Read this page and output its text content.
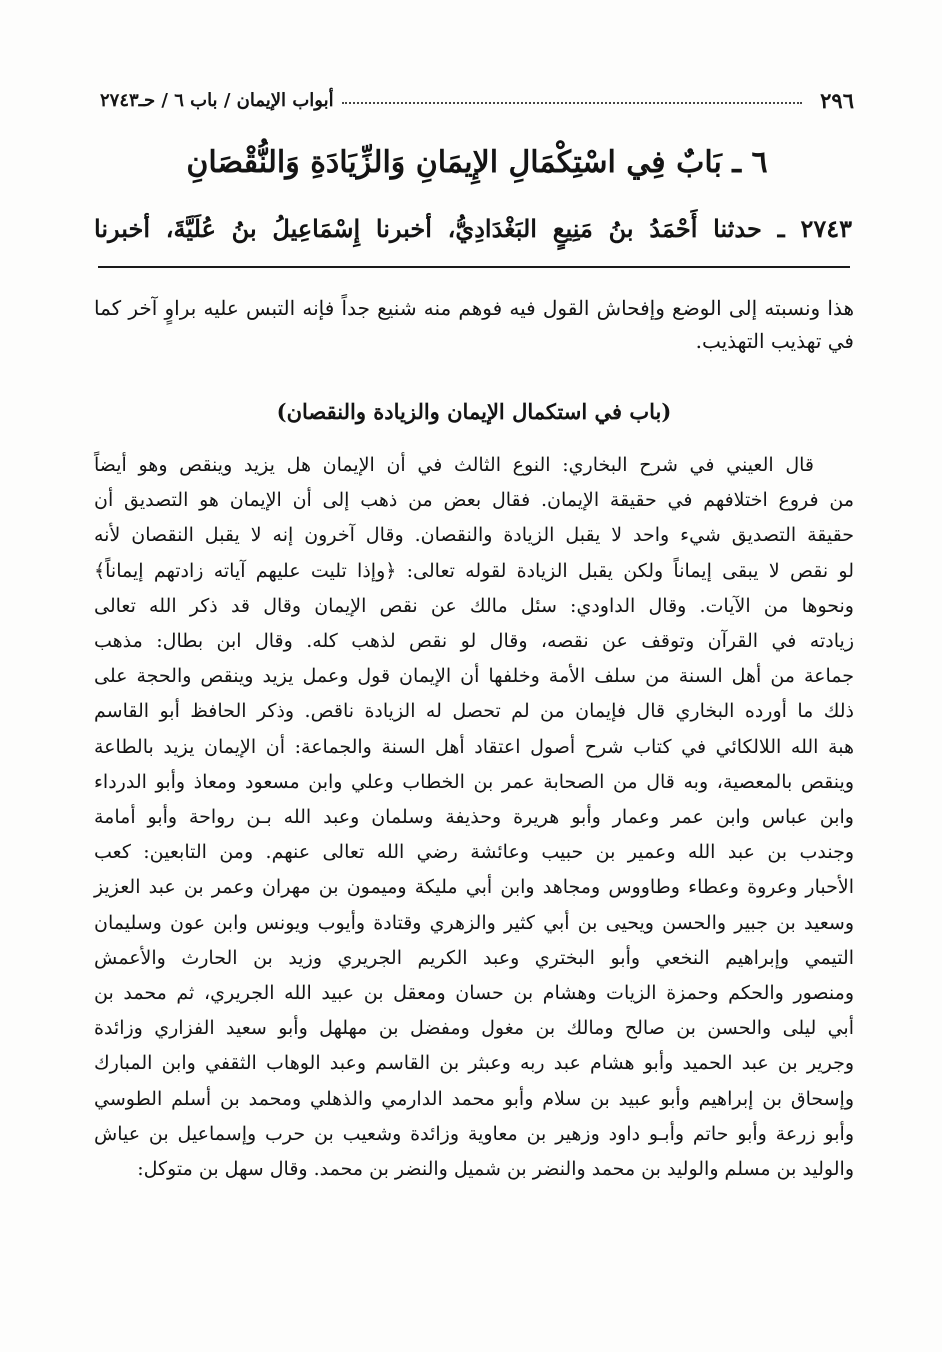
٢٩٦
أبواب الإيمان / باب ٦ / حـ٢٧٤٣
٦ ـ بَابٌ فِي اسْتِكْمَالِ الإِيمَانِ وَالزِّيَادَةِ وَالنُّقْصَانِ
٢٧٤٣ ـ حدثنا أَحْمَدُ بنُ مَنِيعٍ البَغْدَادِيُّ، أخبرنا إِسْمَاعِيلُ بنُ عُلَيَّةَ، أخبرنا
هذا ونسبته إلى الوضع وإفحاش القول فيه فوهم منه شنيع جداً فإنه التبس عليه براوٍ آخر كما
في تهذيب التهذيب.
(باب في استكمال الإيمان والزيادة والنقصان)
قال العيني في شرح البخاري: النوع الثالث في أن الإيمان هل يزيد وينقص وهو أيضاً
من فروع اختلافهم في حقيقة الإيمان. فقال بعض من ذهب إلى أن الإيمان هو التصديق أن
حقيقة التصديق شيء واحد لا يقبل الزيادة والنقصان. وقال آخرون إنه لا يقبل النقصان لأنه
لو نقص لا يبقى إيماناً ولكن يقبل الزيادة لقوله تعالى: ﴿وإذا تليت عليهم آياته زادتهم إيماناً﴾
ونحوها من الآيات. وقال الداودي: سئل مالك عن نقص الإيمان وقال قد ذكر الله تعالى
زيادته في القرآن وتوقف عن نقصه، وقال لو نقص لذهب كله. وقال ابن بطال: مذهب
جماعة من أهل السنة من سلف الأمة وخلفها أن الإيمان قول وعمل يزيد وينقص والحجة على
ذلك ما أورده البخاري قال فإيمان من لم تحصل له الزيادة ناقص. وذكر الحافظ أبو القاسم
هبة الله اللالكائي في كتاب شرح أصول اعتقاد أهل السنة والجماعة: أن الإيمان يزيد بالطاعة
وينقص بالمعصية، وبه قال من الصحابة عمر بن الخطاب وعلي وابن مسعود ومعاذ وأبو الدرداء
وابن عباس وابن عمر وعمار وأبو هريرة وحذيفة وسلمان وعبد الله بـن رواحة وأبو أمامة
وجندب بن عبد الله وعمير بن حبيب وعائشة رضي الله تعالى عنهم. ومن التابعين: كعب
الأحبار وعروة وعطاء وطاووس ومجاهد وابن أبي مليكة وميمون بن مهران وعمر بن عبد العزيز
وسعيد بن جبير والحسن ويحيى بن أبي كثير والزهري وقتادة وأيوب ويونس وابن عون وسليمان
التيمي وإبراهيم النخعي وأبو البختري وعبد الكريم الجريري وزيد بن الحارث والأعمش
ومنصور والحكم وحمزة الزيات وهشام بن حسان ومعقل بن عبيد الله الجريري، ثم محمد بن
أبي ليلى والحسن بن صالح ومالك بن مغول ومفضل بن مهلهل وأبو سعيد الفزاري وزائدة
وجرير بن عبد الحميد وأبو هشام عبد ربه وعبثر بن القاسم وعبد الوهاب الثقفي وابن المبارك
وإسحاق بن إبراهيم وأبو عبيد بن سلام وأبو محمد الدارمي والذهلي ومحمد بن أسلم الطوسي
وأبو زرعة وأبو حاتم وأبـو داود وزهير بن معاوية وزائدة وشعيب بن حرب وإسماعيل بن عياش
والوليد بن مسلم والوليد بن محمد والنضر بن شميل والنضر بن محمد. وقال سهل بن متوكل:
